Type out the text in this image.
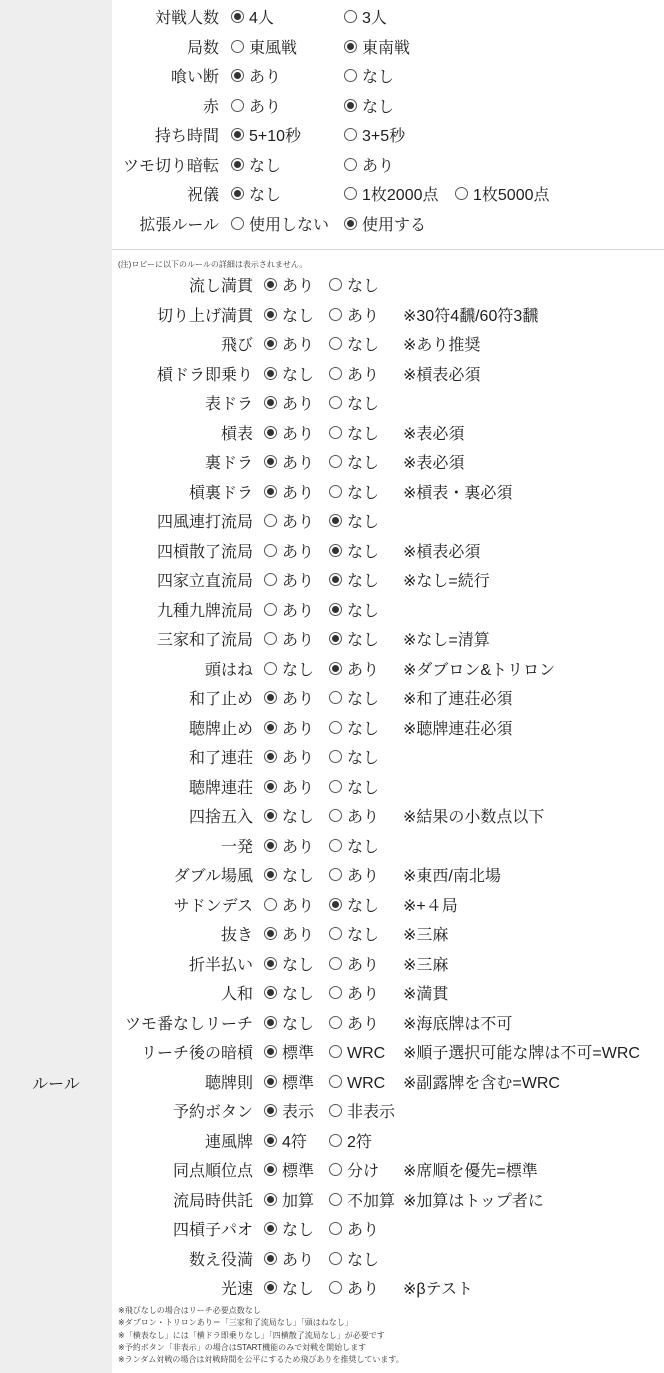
ルール
対戦人数	4人	3人
局数	東風戦	東南戦
喰い断	あり	なし
赤	あり	なし
持ち時間	5+10秒	3+5秒
ツモ切り暗転	なし	あり
祝儀	なし	1枚2000点	1枚5000点
拡張ルール	使用しない	使用する
流し満貫	あり	なし
切り上げ満貫	なし	あり ※30符4飜/60符3飜
飛び	あり	なし ※あり推奨
槓ドラ即乗り	なし	あり ※槓表必須
表ドラ	あり	なし
槓表	あり	なし ※表必須
裏ドラ	あり	なし ※表必須
槓裏ドラ	あり	なし ※槓表・裏必須
四風連打流局	あり	なし
四槓散了流局	あり	なし ※槓表必須
四家立直流局	あり	なし ※なし=続行
九種九牌流局	あり	なし
三家和了流局	あり	なし ※なし=清算
頭はね	なし	あり ※ダブロン&トリロン
和了止め	あり	なし ※和了連荘必須
聴牌止め	あり	なし ※聴牌連荘必須
和了連荘	あり	なし
聴牌連荘	あり	なし
四捨五入	なし	あり ※結果の小数点以下
一発	あり	なし
ダブル場風	なし	あり ※東西/南北場
サドンデス	あり	なし ※+４局
抜き	あり	なし ※三麻
折半払い	なし	あり ※三麻
人和	なし	あり ※満貫
ツモ番なしリーチ	なし	あり ※海底牌は不可
リーチ後の暗槓	標準	WRC ※順子選択可能な牌は不可=WRC
聴牌則	標準	WRC ※副露牌を含む=WRC
予約ボタン	表示	非表示
連風牌	4符	2符
同点順位点	標準	分け ※席順を優先=標準
流局時供託	加算	不加算 ※加算はトップ者に
四槓子パオ	なし	あり
数え役満	あり	なし
光速	なし	あり ※βテスト
(注)ロビーに以下のルールの詳細は表示されません。
※飛びなしの場合はリーチ必要点数なし
※ダブロン・トリロンあり＝「三家和了流局なし」「頭はねなし」
※「横表なし」には「横ドラ即乗りなし」「四横散了流局なし」が必要です
※予約ボタン「非表示」の場合はSTART機能のみで対戦を開始します
※ランダム対戦の場合は対戦時間を公平にするため飛びありを推奨しています。
